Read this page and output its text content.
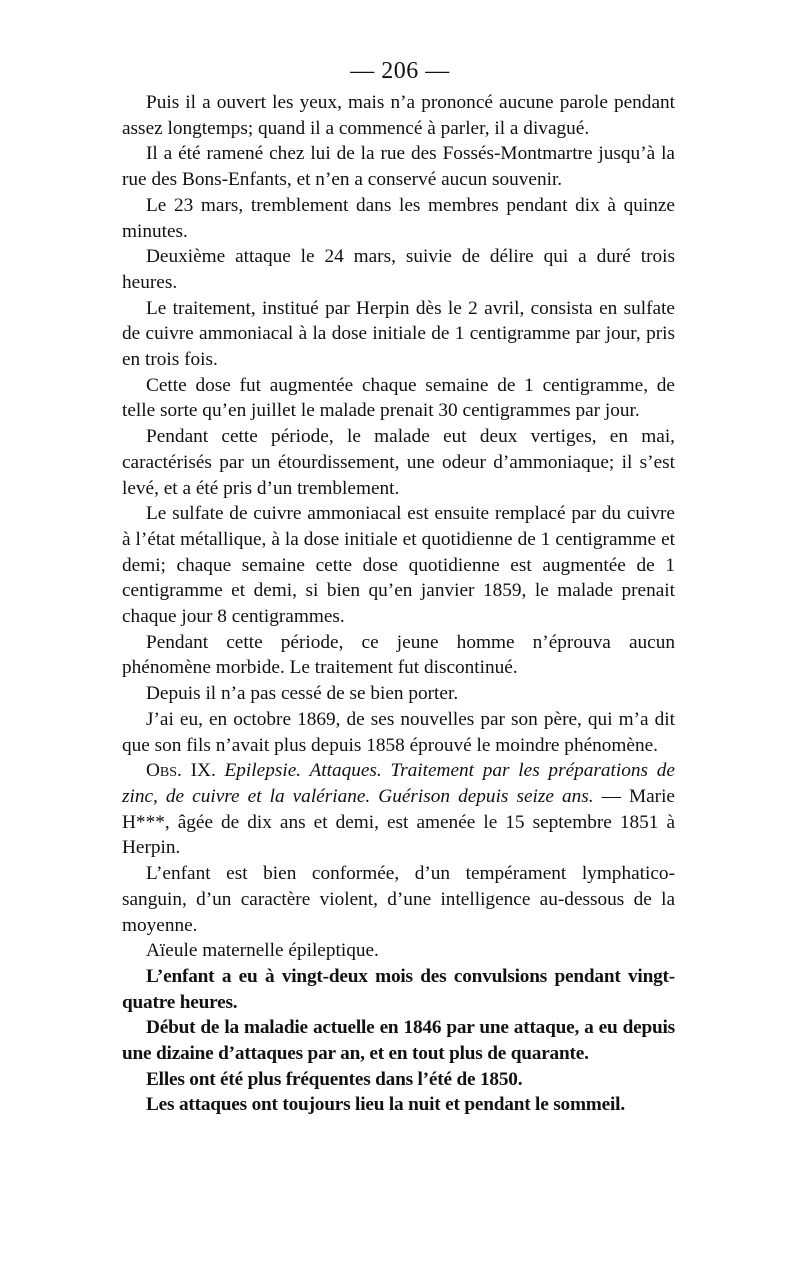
— 206 —

Puis il a ouvert les yeux, mais n’a prononcé aucune parole pendant assez longtemps; quand il a commencé à parler, il a divagué.

Il a été ramené chez lui de la rue des Fossés-Montmartre jusqu’à la rue des Bons-Enfants, et n’en a conservé aucun souvenir.

Le 23 mars, tremblement dans les membres pendant dix à quinze minutes.

Deuxième attaque le 24 mars, suivie de délire qui a duré trois heures.

Le traitement, institué par Herpin dès le 2 avril, consista en sulfate de cuivre ammoniacal à la dose initiale de 1 centigramme par jour, pris en trois fois.

Cette dose fut augmentée chaque semaine de 1 centigramme, de telle sorte qu’en juillet le malade prenait 30 centigrammes par jour.

Pendant cette période, le malade eut deux vertiges, en mai, caractérisés par un étourdissement, une odeur d’ammoniaque; il s’est levé, et a été pris d’un tremblement.

Le sulfate de cuivre ammoniacal est ensuite remplacé par du cuivre à l’état métallique, à la dose initiale et quotidienne de 1 centigramme et demi; chaque semaine cette dose quotidienne est augmentée de 1 centigramme et demi, si bien qu’en janvier 1859, le malade prenait chaque jour 8 centigrammes.

Pendant cette période, ce jeune homme n’éprouva aucun phénomène morbide. Le traitement fut discontinué.

Depuis il n’a pas cessé de se bien porter.

J’ai eu, en octobre 1869, de ses nouvelles par son père, qui m’a dit que son fils n’avait plus depuis 1858 éprouvé le moindre phénomène.

Obs. IX. Epilepsie. Attaques. Traitement par les préparations de zinc, de cuivre et la valériane. Guérison depuis seize ans. — Marie H***, âgée de dix ans et demi, est amenée le 15 septembre 1851 à Herpin.

L’enfant est bien conformée, d’un tempérament lymphatico-sanguin, d’un caractère violent, d’une intelligence au-dessous de la moyenne.

Aïeule maternelle épileptique.

L’enfant a eu à vingt-deux mois des convulsions pendant vingt-quatre heures.

Début de la maladie actuelle en 1846 par une attaque, a eu depuis une dizaine d’attaques par an, et en tout plus de quarante.

Elles ont été plus fréquentes dans l’été de 1850.

Les attaques ont toujours lieu la nuit et pendant le sommeil.
